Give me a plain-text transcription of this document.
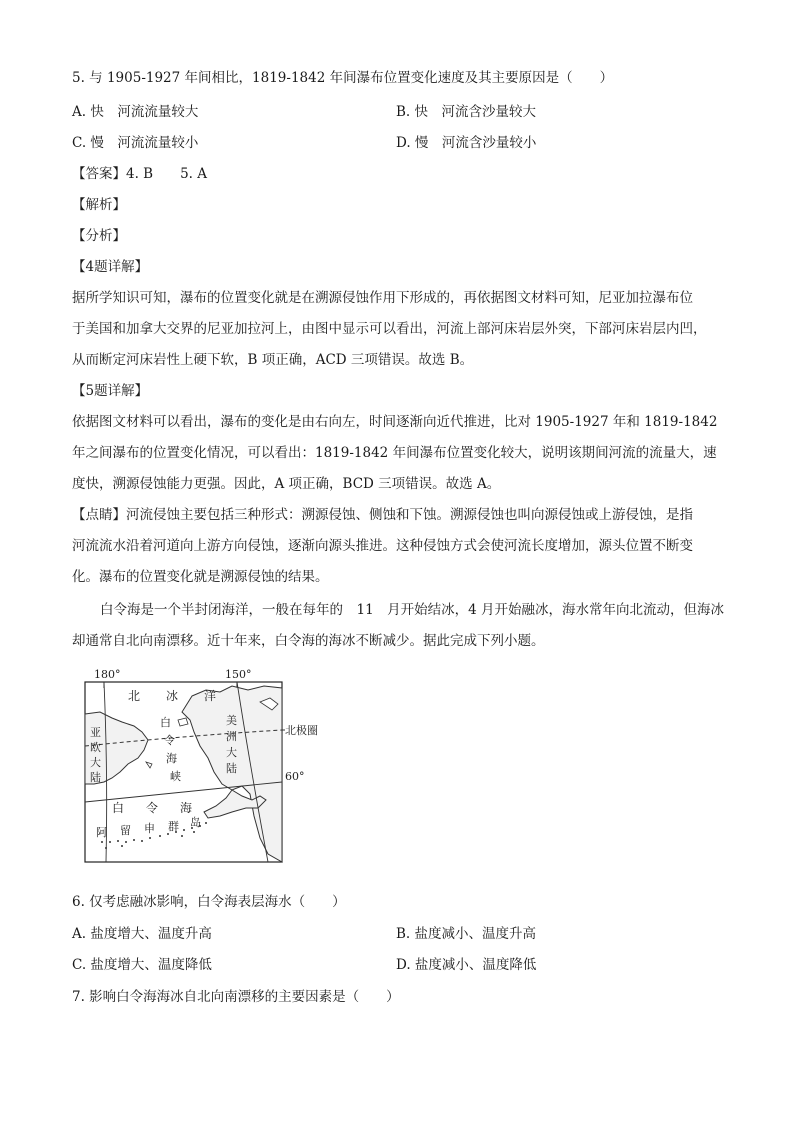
5. 与 1905-1927 年间相比，1819-1842 年间瀑布位置变化速度及其主要原因是（　　）
A. 快　河流流量较大	B. 快　河流含沙量较大
C. 慢　河流流量较小	D. 慢　河流含沙量较小
【答案】4. B　　5. A
【解析】
【分析】
【4题详解】
据所学知识可知，瀑布的位置变化就是在溯源侵蚀作用下形成的，再依据图文材料可知，尼亚加拉瀑布位
于美国和加拿大交界的尼亚加拉河上，由图中显示可以看出，河流上部河床岩层外突，下部河床岩层内凹，
从而断定河床岩性上硬下软，B 项正确，ACD 三项错误。故选 B。
【5题详解】
依据图文材料可以看出，瀑布的变化是由右向左，时间逐渐向近代推进，比对 1905-1927 年和 1819-1842
年之间瀑布的位置变化情况，可以看出：1819-1842 年间瀑布位置变化较大，说明该期间河流的流量大，速
度快，溯源侵蚀能力更强。因此，A 项正确，BCD 三项错误。故选 A。
【点睛】河流侵蚀主要包括三种形式：溯源侵蚀、侧蚀和下蚀。溯源侵蚀也叫向源侵蚀或上游侵蚀，是指
河流流水沿着河道向上游方向侵蚀，逐渐向源头推进。这种侵蚀方式会使河流长度增加，源头位置不断变
化。瀑布的位置变化就是溯源侵蚀的结果。
白令海是一个半封闭海洋，一般在每年的　11　月开始结冰，4 月开始融冰，海水常年向北流动，但海冰
却通常自北向南漂移。近十年来，白令海的海冰不断减少。据此完成下列小题。
180°	150°
北极圈
60°
北 冰 洋
亚
欧
大
陆
美
洲
大
陆
白
令
海
峡
白 令 海
阿 留 申 群 岛
6. 仅考虑融冰影响，白令海表层海水（　　）
A. 盐度增大、温度升高	B. 盐度减小、温度升高
C. 盐度增大、温度降低	D. 盐度减小、温度降低
7. 影响白令海海冰自北向南漂移的主要因素是（　　）
